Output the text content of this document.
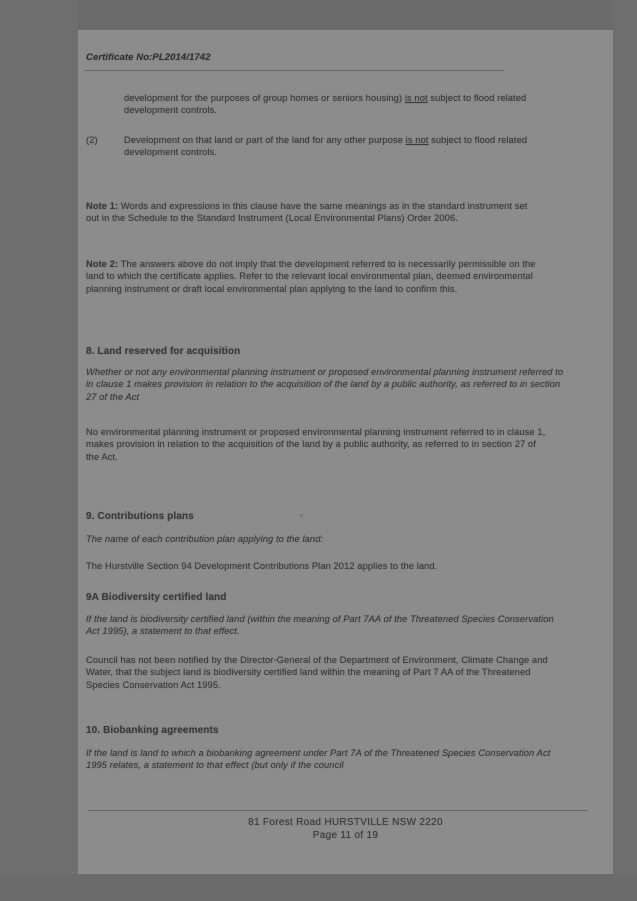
Certificate No:PL2014/1742
development for the purposes of group homes or seniors housing) is not subject to flood related development controls.
(2)	Development on that land or part of the land for any other purpose is not subject to flood related development controls.
Note 1: Words and expressions in this clause have the same meanings as in the standard instrument set out in the Schedule to the Standard Instrument (Local Environmental Plans) Order 2006.
Note 2: The answers above do not imply that the development referred to is necessarily permissible on the land to which the certificate applies. Refer to the relevant local environmental plan, deemed environmental planning instrument or draft local environmental plan applying to the land to confirm this.
8. Land reserved for acquisition
Whether or not any environmental planning instrument or proposed environmental planning instrument referred to in clause 1 makes provision in relation to the acquisition of the land by a public authority, as referred to in section 27 of the Act
No environmental planning instrument or proposed environmental planning instrument referred to in clause 1, makes provision in relation to the acquisition of the land by a public authority, as referred to in section 27 of the Act.
9. Contributions plans
The name of each contribution plan applying to the land:
The Hurstville Section 94 Development Contributions Plan 2012 applies to the land.
9A Biodiversity certified land
If the land is biodiversity certified land (within the meaning of Part 7AA of the Threatened Species Conservation Act 1995), a statement to that effect.
Council has not been notified by the Director-General of the Department of Environment, Climate Change and Water, that the subject land is biodiversity certified land within the meaning of Part 7 AA of the Threatened Species Conservation Act 1995.
10. Biobanking agreements
If the land is land to which a biobanking agreement under Part 7A of the Threatened Species Conservation Act 1995 relates, a statement to that effect (but only if the council
81 Forest Road HURSTVILLE NSW 2220
Page 11 of 19
